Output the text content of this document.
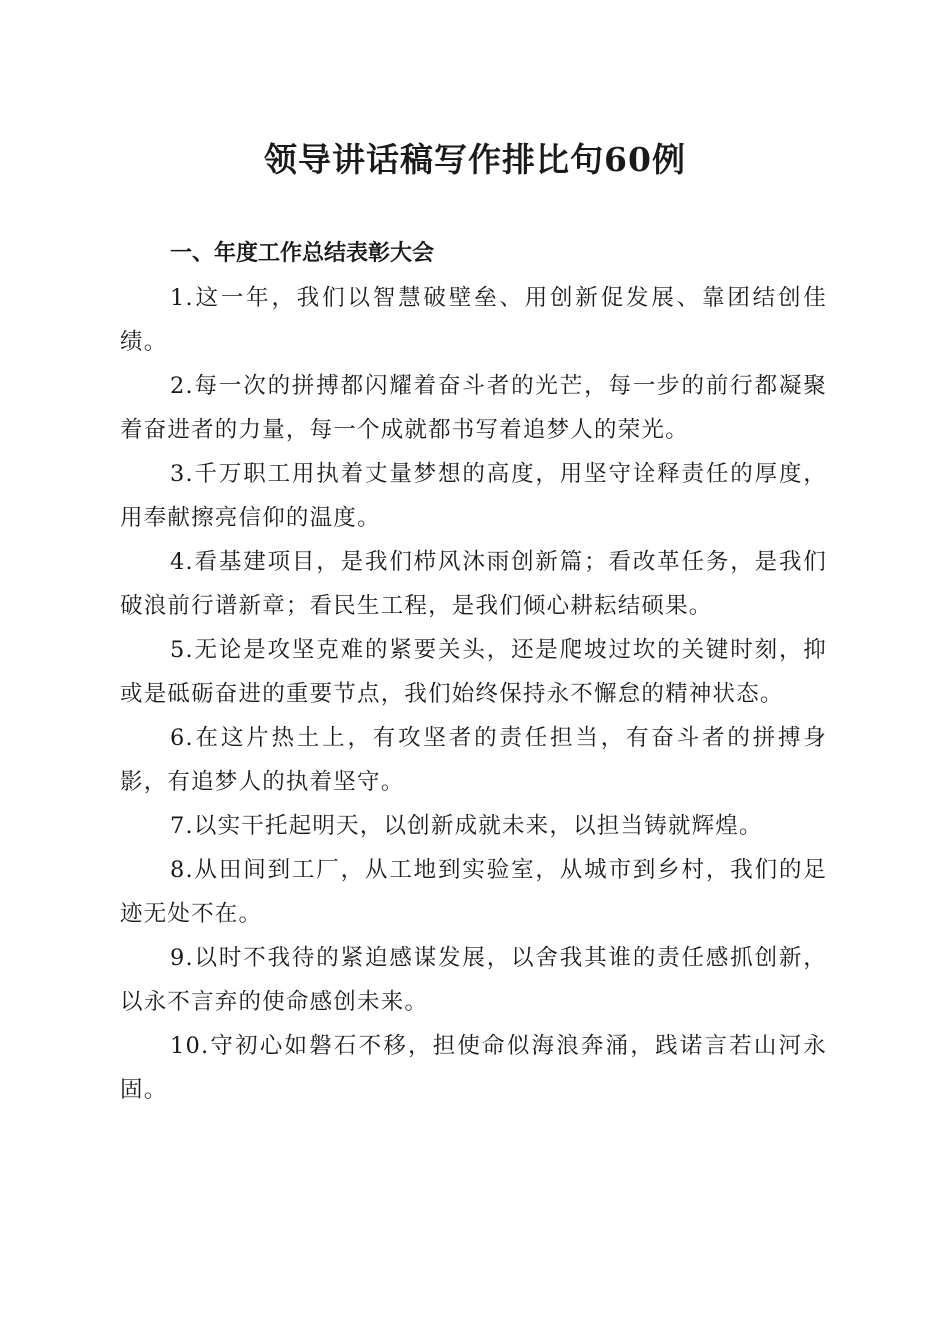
领导讲话稿写作排比句60例
一、年度工作总结表彰大会

1.这一年，我们以智慧破壁垒、用创新促发展、靠团结创佳绩。

2.每一次的拼搏都闪耀着奋斗者的光芒，每一步的前行都凝聚着奋进者的力量，每一个成就都书写着追梦人的荣光。

3.千万职工用执着丈量梦想的高度，用坚守诠释责任的厚度，用奉献擦亮信仰的温度。

4.看基建项目，是我们栉风沐雨创新篇；看改革任务，是我们破浪前行谱新章；看民生工程，是我们倾心耕耘结硕果。

5.无论是攻坚克难的紧要关头，还是爬坡过坎的关键时刻，抑或是砥砺奋进的重要节点，我们始终保持永不懈怠的精神状态。

6.在这片热土上，有攻坚者的责任担当，有奋斗者的拼搏身影，有追梦人的执着坚守。

7.以实干托起明天，以创新成就未来，以担当铸就辉煌。

8.从田间到工厂，从工地到实验室，从城市到乡村，我们的足迹无处不在。

9.以时不我待的紧迫感谋发展，以舍我其谁的责任感抓创新，以永不言弃的使命感创未来。

10.守初心如磐石不移，担使命似海浪奔涌，践诺言若山河永固。
